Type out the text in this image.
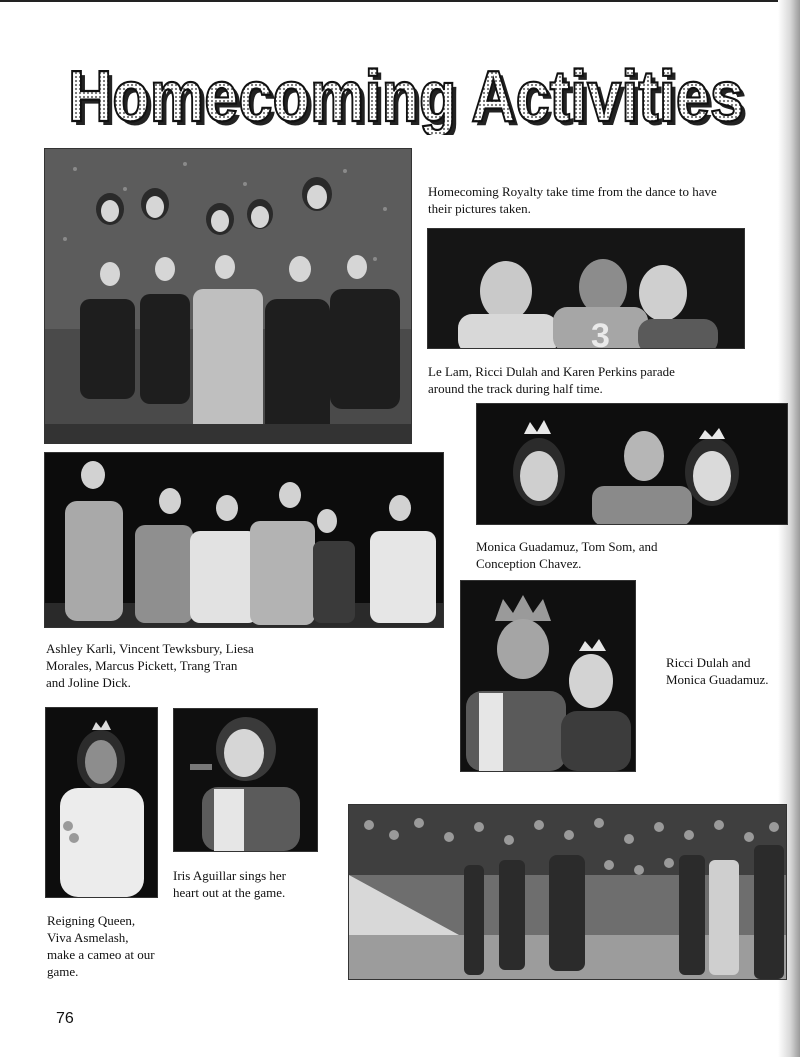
Homecoming Activities
Homecoming Activities
Homecoming Royalty take time from the dance to have their pictures taken.
3
Le Lam, Ricci Dulah and Karen Perkins parade around the track during half time.
Monica Guadamuz, Tom Som, and Conception Chavez.
Ashley Karli, Vincent Tewksbury, Liesa Morales, Marcus Pickett, Trang Tran and Joline Dick.
Ricci Dulah and Monica Guadamuz.
Iris Aguillar sings her heart out at the game.
Reigning Queen, Viva Asmelash, make a cameo at our game.
76
